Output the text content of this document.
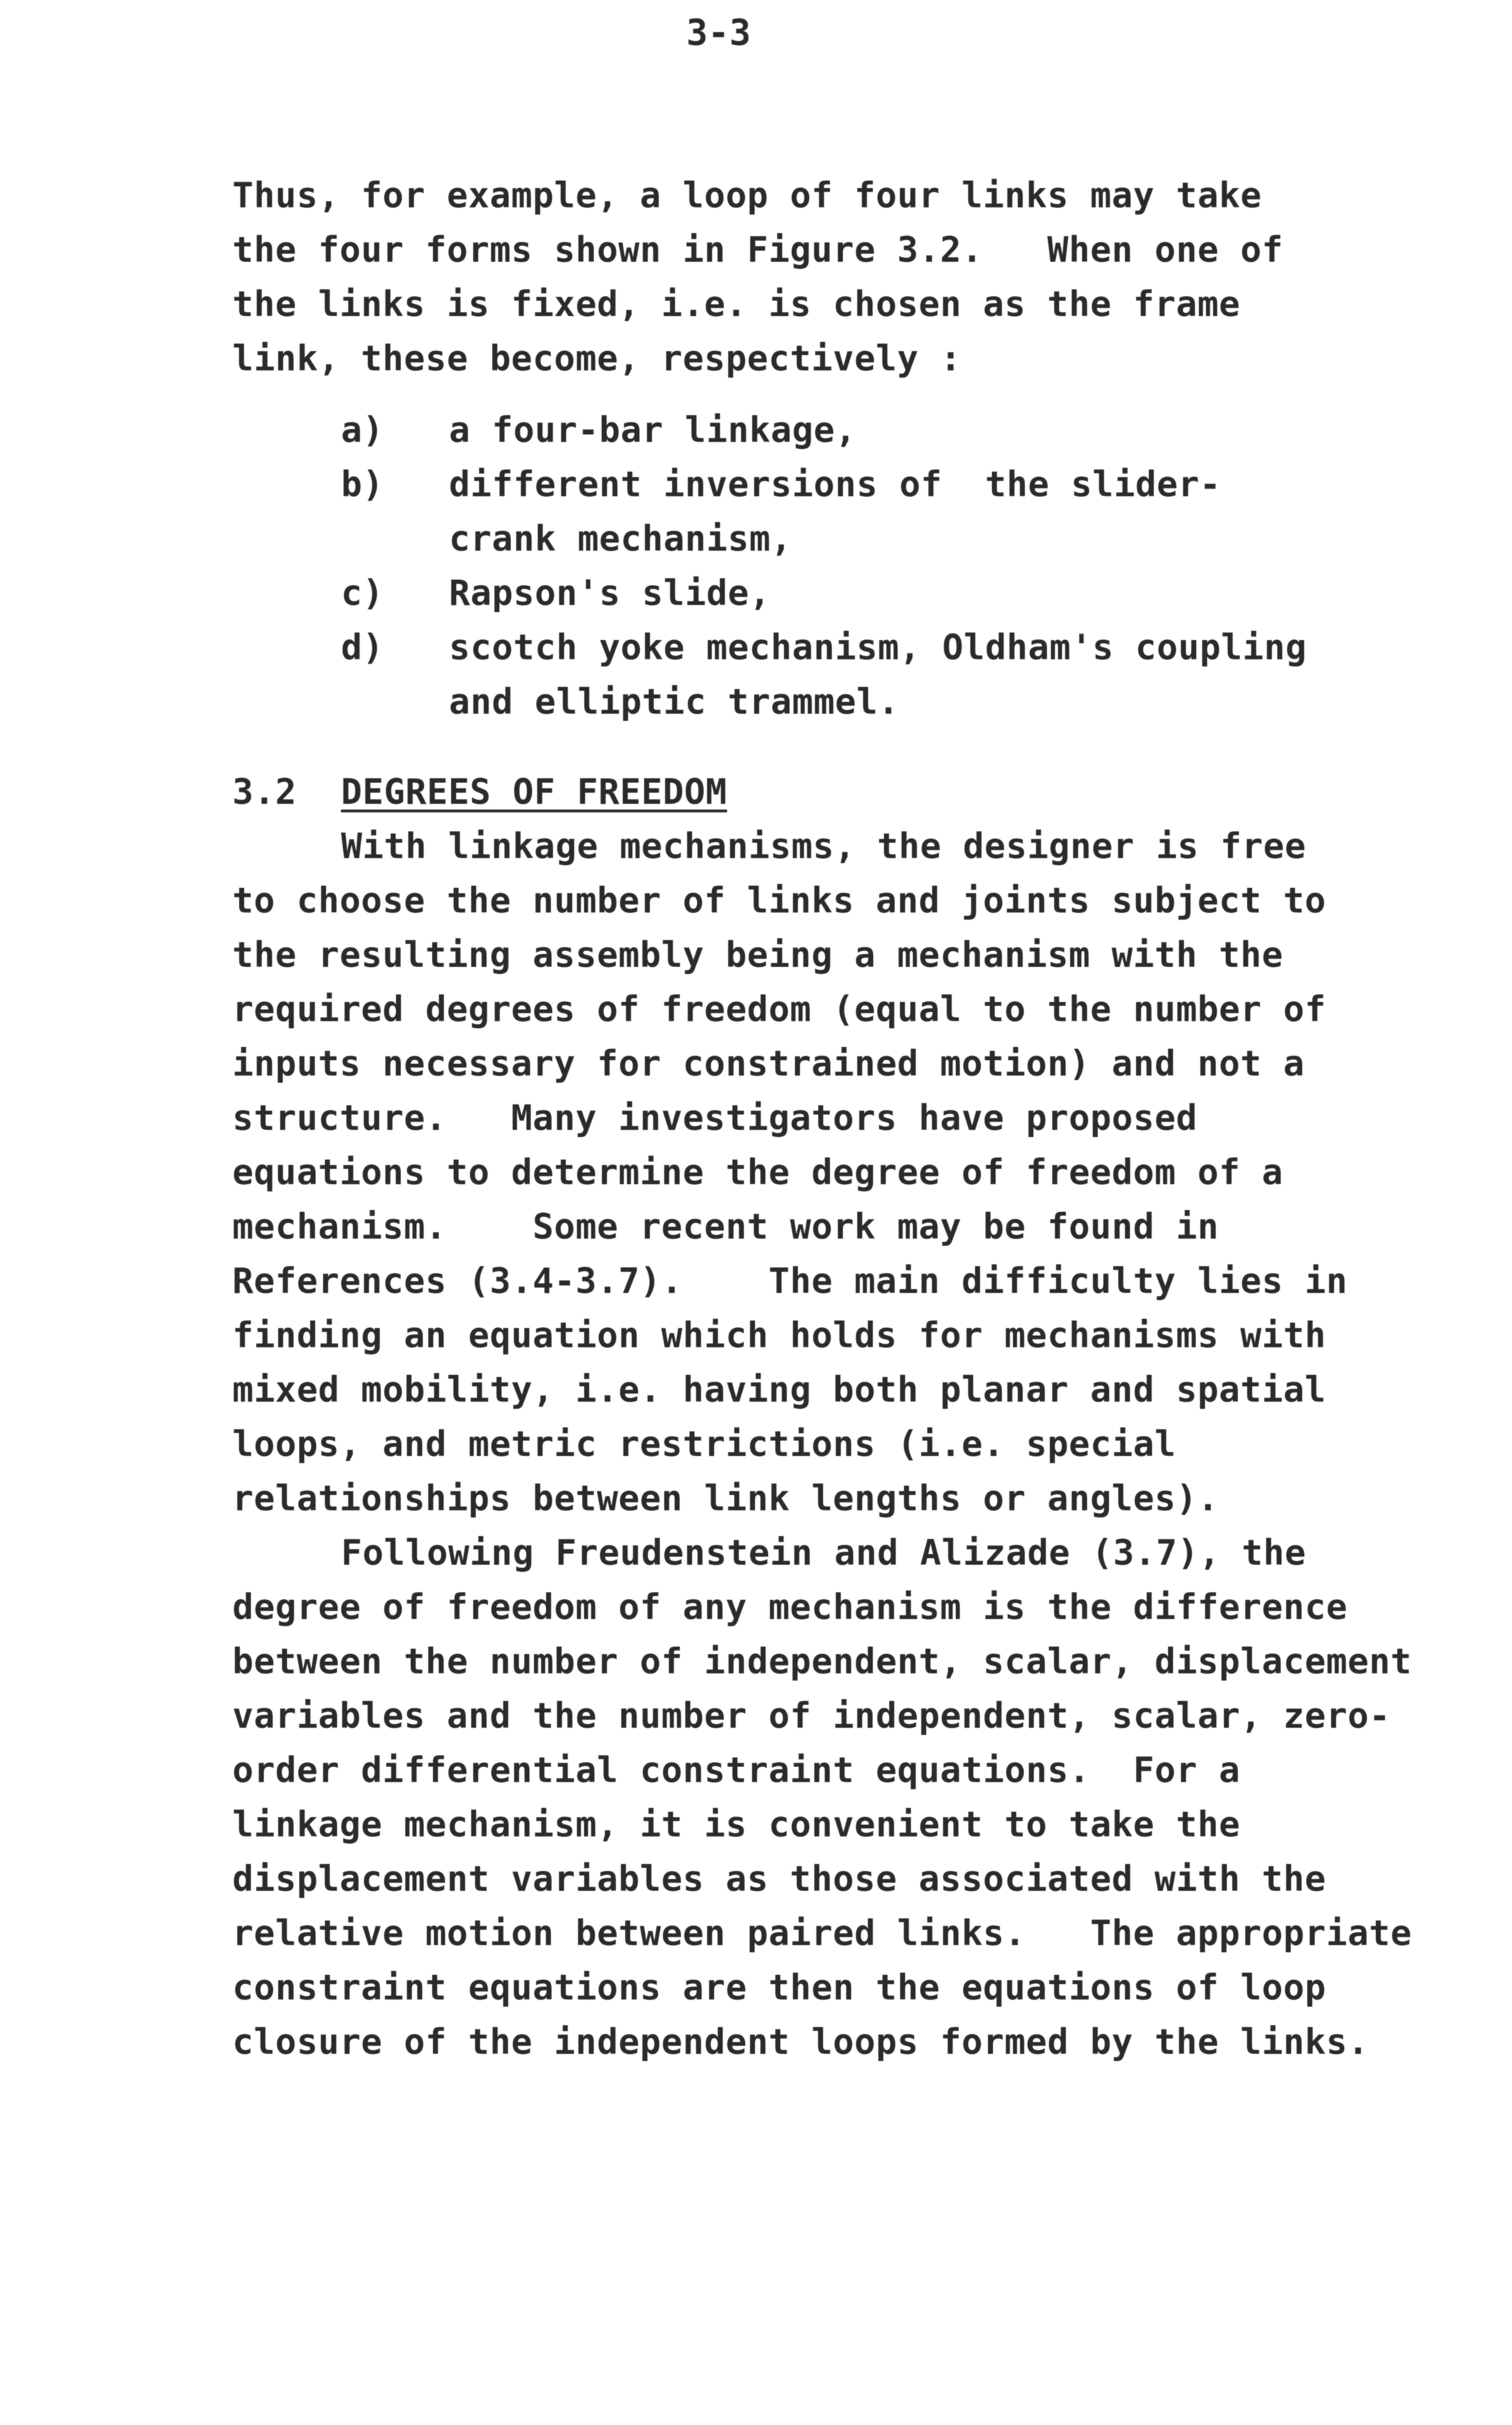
3-3
Thus, for example, a loop of four links may take
the four forms shown in Figure 3.2.   When one of
the links is fixed, i.e. is chosen as the frame
link, these become, respectively :
a) a four-bar linkage,
b) different inversions of  the slider-
crank mechanism,
c) Rapson's slide,
d) scotch yoke mechanism, Oldham's coupling
and elliptic trammel.
3.2 DEGREES OF FREEDOM
With linkage mechanisms, the designer is free
to choose the number of links and joints subject to
the resulting assembly being a mechanism with the
required degrees of freedom (equal to the number of
inputs necessary for constrained motion) and not a
structure.   Many investigators have proposed
equations to determine the degree of freedom of a
mechanism.    Some recent work may be found in
References (3.4-3.7).    The main difficulty lies in
finding an equation which holds for mechanisms with
mixed mobility, i.e. having both planar and spatial
loops, and metric restrictions (i.e. special
relationships between link lengths or angles).
Following Freudenstein and Alizade (3.7), the
degree of freedom of any mechanism is the difference
between the number of independent, scalar, displacement
variables and the number of independent, scalar, zero-
order differential constraint equations.  For a
linkage mechanism, it is convenient to take the
displacement variables as those associated with the
relative motion between paired links.   The appropriate
constraint equations are then the equations of loop
closure of the independent loops formed by the links.
